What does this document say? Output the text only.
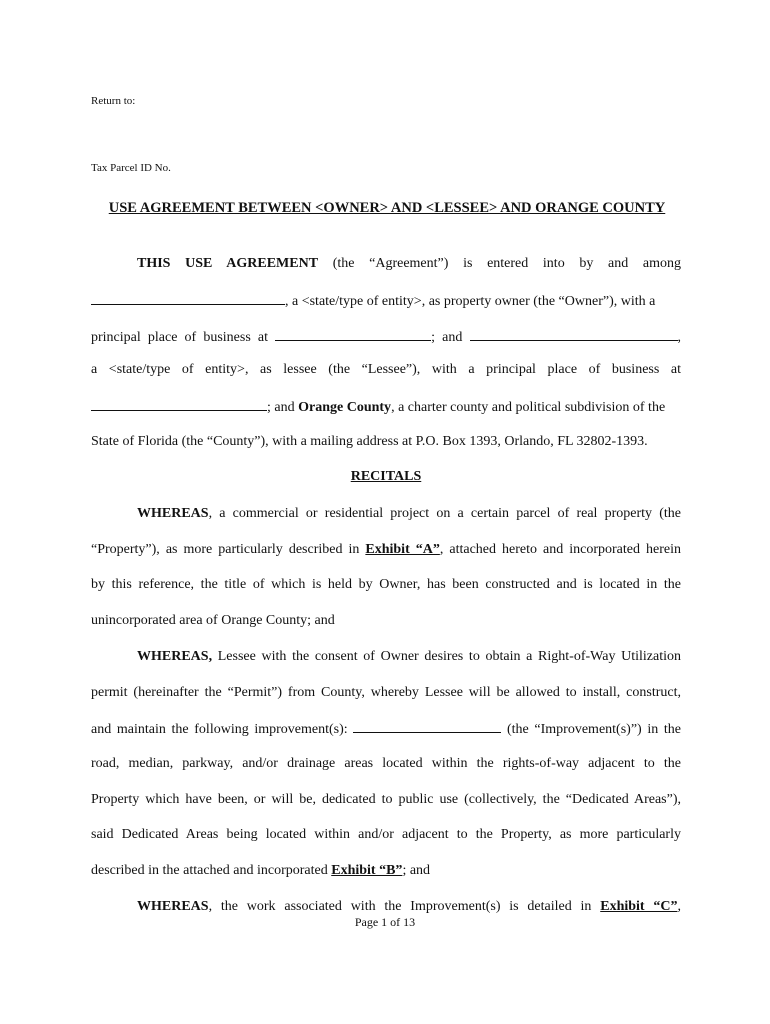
Return to:
Tax Parcel ID No.
USE AGREEMENT BETWEEN <OWNER> AND <LESSEE> AND ORANGE COUNTY
THIS USE AGREEMENT (the “Agreement”) is entered into by and among
, a <state/type of entity>, as property owner (the “Owner”), with a
principal place of business at	; and	,
a <state/type of entity>, as lessee (the “Lessee”), with a principal place of business at
; and Orange County, a charter county and political subdivision of the
State of Florida (the “County”), with a mailing address at P.O. Box 1393, Orlando, FL 32802-1393.
RECITALS
WHEREAS, a commercial or residential project on a certain parcel of real property (the
“Property”), as more particularly described in Exhibit “A”, attached hereto and incorporated herein
by this reference, the title of which is held by Owner, has been constructed and is located in the
unincorporated area of Orange County; and
WHEREAS, Lessee with the consent of Owner desires to obtain a Right-of-Way Utilization
permit (hereinafter the “Permit”) from County, whereby Lessee will be allowed to install, construct,
and maintain the following improvement(s):	(the “Improvement(s)”) in the
road, median, parkway, and/or drainage areas located within the rights-of-way adjacent to the
Property which have been, or will be, dedicated to public use (collectively, the “Dedicated Areas”),
said Dedicated Areas being located within and/or adjacent to the Property, as more particularly
described in the attached and incorporated Exhibit “B”; and
WHEREAS, the work associated with the Improvement(s) is detailed in Exhibit “C”,
Page 1 of 13
